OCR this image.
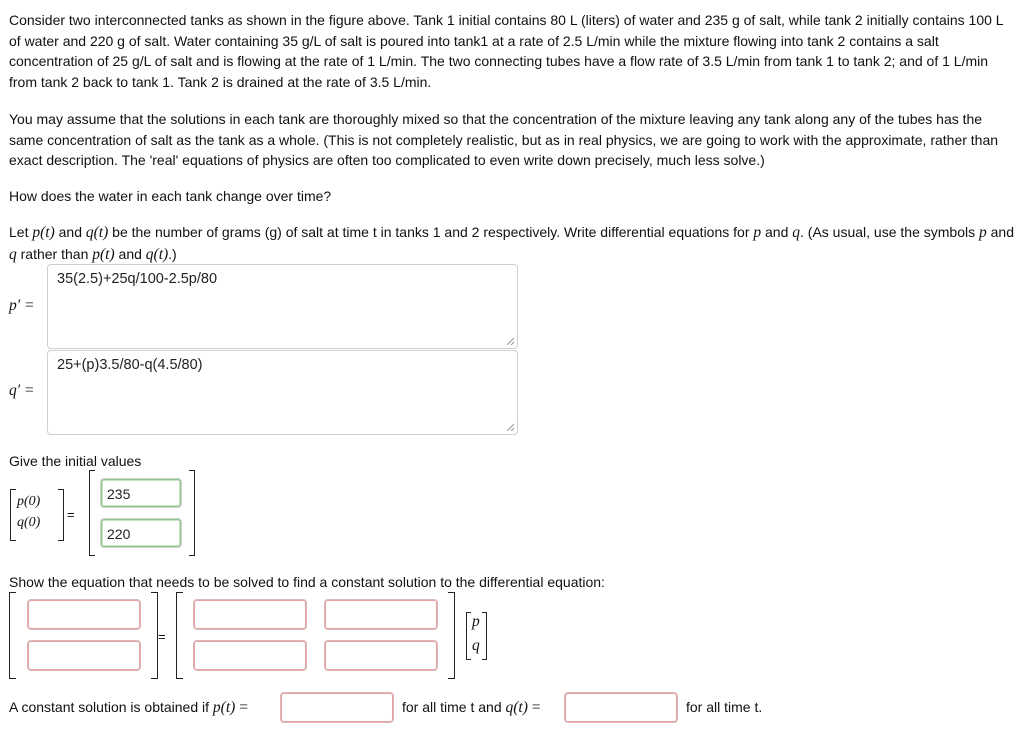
Consider two interconnected tanks as shown in the figure above. Tank 1 initial contains 80 L (liters) of water and 235 g of salt, while tank 2 initially contains 100 L of water and 220 g of salt. Water containing 35 g/L of salt is poured into tank1 at a rate of 2.5 L/min while the mixture flowing into tank 2 contains a salt concentration of 25 g/L of salt and is flowing at the rate of 1 L/min. The two connecting tubes have a flow rate of 3.5 L/min from tank 1 to tank 2; and of 1 L/min from tank 2 back to tank 1. Tank 2 is drained at the rate of 3.5 L/min.

You may assume that the solutions in each tank are thoroughly mixed so that the concentration of the mixture leaving any tank along any of the tubes has the same concentration of salt as the tank as a whole. (This is not completely realistic, but as in real physics, we are going to work with the approximate, rather than exact description. The 'real' equations of physics are often too complicated to even write down precisely, much less solve.)

How does the water in each tank change over time?

Let p(t) and q(t) be the number of grams (g) of salt at time t in tanks 1 and 2 respectively. Write differential equations for p and q. (As usual, use the symbols p and q rather than p(t) and q(t).)

p′ =
35(2.5)+25q/100-2.5p/80
q′ =
25+(p)3.5/80-q(4.5/80)
Give the initial values
p(0)
q(0)
=
235
220
Show the equation that needs to be solved to find a constant solution to the differential equation:
=
p
q
A constant solution is obtained if p(t) =	for all time t and q(t) =	for all time t.
